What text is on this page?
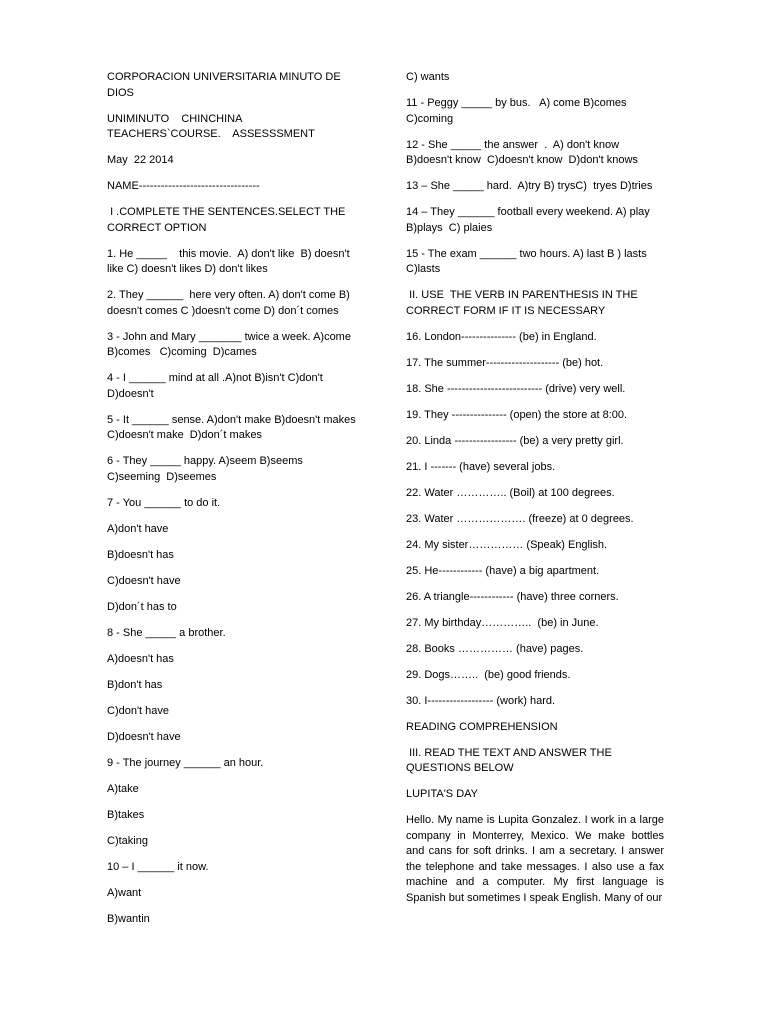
CORPORACION UNIVERSITARIA MINUTO DE DIOS

UNIMINUTO    CHINCHINA
TEACHERS`COURSE.    ASSESSSMENT

May  22 2014

NAME---------------------------------

I .COMPLETE THE SENTENCES.SELECT THE CORRECT OPTION

1. He _____    this movie.  A) don't like  B) doesn't like C) doesn't likes D) don't likes

2. They ______  here very often. A) don't come B) doesn't comes C )doesn't come D) don´t comes

3 - John and Mary _______ twice a week. A)come    B)comes   C)coming  D)cames

4 - I ______ mind at all .A)not B)isn't C)don't D)doesn't

5 - It ______ sense. A)don't make B)doesn't makes C)doesn't make  D)don´t makes

6 - They _____ happy. A)seem B)seems C)seeming  D)seemes

7 - You ______ to do it.

A)don't have

B)doesn't has

C)doesn't have

D)don´t has to

8 - She _____ a brother.

A)doesn't has

B)don't has

C)don't have

D)doesn't have

9 - The journey ______ an hour.

A)take

B)takes

C)taking

10 – I ______ it now.

A)want

B)wantin

C) wants

11 - Peggy _____ by bus.   A) come B)comes C)coming

12 - She _____ the answer  .  A) don't know B)doesn't know  C)doesn't know  D)don't knows

13 – She _____ hard.  A)try B) trysC)  tryes D)tries

14 – They ______ football every weekend. A) play   B)plays  C) plaies

15 - The exam ______ two hours. A) last B ) lasts  C)lasts

II. USE  THE VERB IN PARENTHESIS IN THE CORRECT FORM IF IT IS NECESSARY

16. London--------------- (be) in England.

17. The summer-------------------- (be) hot.

18. She -------------------------- (drive) very well.

19. They --------------- (open) the store at 8:00.

20. Linda ----------------- (be) a very pretty girl.

21. I ------- (have) several jobs.

22. Water ………….. (Boil) at 100 degrees.

23. Water ………………. (freeze) at 0 degrees.

24. My sister…………… (Speak) English.

25. He------------ (have) a big apartment.

26. A triangle------------ (have) three corners.

27. My birthday…………..  (be) in June.

28. Books …………… (have) pages.

29. Dogs……..  (be) good friends.

30. I------------------ (work) hard.

READING COMPREHENSION

III. READ THE TEXT AND ANSWER THE QUESTIONS BELOW

LUPITA'S DAY

Hello. My name is Lupita Gonzalez. I work in a large company in Monterrey, Mexico. We make bottles and cans for soft drinks. I am a secretary. I answer the telephone and take messages. I also use a fax machine and a computer. My first language is Spanish but sometimes I speak English. Many of our
